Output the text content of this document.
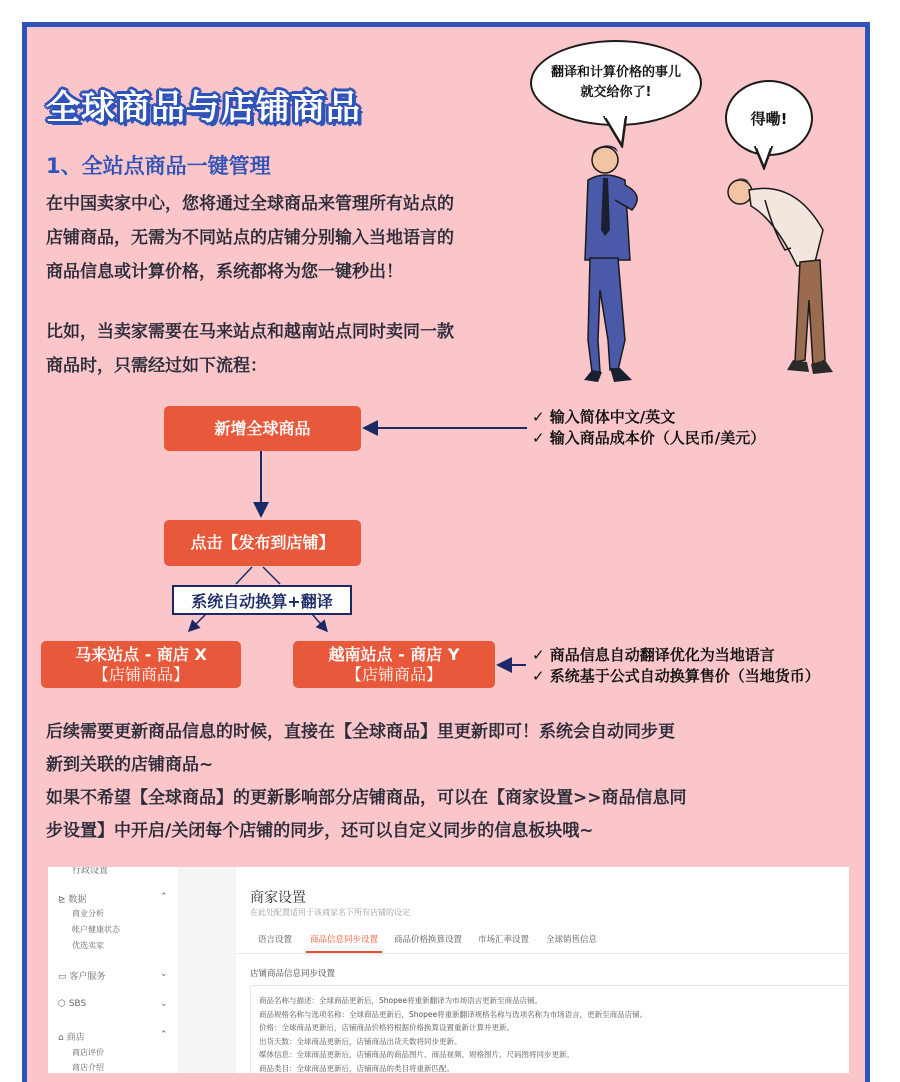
全球商品与店铺商品
1、全站点商品一键管理
在中国卖家中心，您将通过全球商品来管理所有站点的
店铺商品，无需为不同站点的店铺分别输入当地语言的
商品信息或计算价格，系统都将为您一键秒出！
比如，当卖家需要在马来站点和越南站点同时卖同一款
商品时，只需经过如下流程：
翻译和计算价格的事儿
就交给你了!
得嘞!
新增全球商品
点击【发布到店铺】
系统自动换算+翻译
马来站点 - 商店 X
【店铺商品】
越南站点 - 商店 Y
【店铺商品】
✓ 输入简体中文/英文
✓ 输入商品成本价（人民币/美元）
✓ 商品信息自动翻译优化为当地语言
✓ 系统基于公式自动换算售价（当地货币）
后续需要更新商品信息的时候，直接在【全球商品】里更新即可！系统会自动同步更
新到关联的店铺商品~
如果不希望【全球商品】的更新影响部分店铺商品，可以在【商家设置>>商品信息同
步设置】中开启/关闭每个店铺的同步，还可以自定义同步的信息板块哦~
行政设置
⊵ 数据	⌃
商业分析
帐户健康状态
优选卖家
▭ 客户服务	⌄
⬡ SBS	⌄
⌂ 商店	⌃
商店评价
商店介绍
商家设置
在此处配置适用于该商家名下所有店铺的设定
语言设置 商品信息同步设置 商品价格换算设置 市场汇率设置 全球销售信息
店铺商品信息同步设置
商品名称与描述：全球商品更新后，Shopee将重新翻译为市场语言更新至商品店铺。
商品规格名称与选项名称：全球商品更新后，Shopee将重新翻译规格名称与选项名称为市场语言，更新至商品店铺。
价格：全球商品更新后，店铺商品价格将根据价格换算设置重新计算并更新。
出货天数：全球商品更新后，店铺商品出货天数将同步更新。
媒体信息：全球商品更新后，店铺商品的商品图片、商品视频、规格图片、尺码图将同步更新。
商品类目：全球商品更新后，店铺商品的类目将重新匹配。
